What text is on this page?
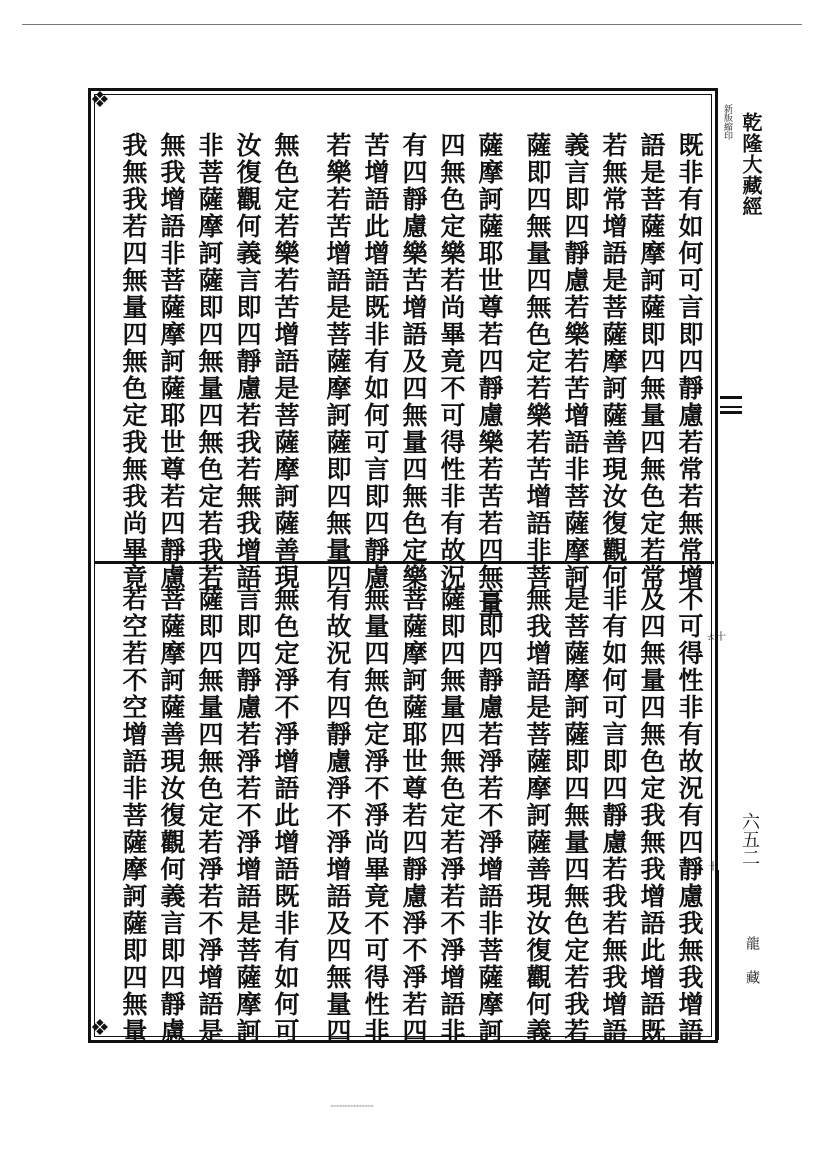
❖
❖
既非有如何可言即四靜慮若常若無常增
語是菩薩摩訶薩即四無量四無色定若常
若無常增語是菩薩摩訶薩善現汝復觀何
義言即四靜慮若樂若苦增語非菩薩摩訶
薩即四無量四無色定若樂若苦增語非菩
薩摩訶薩耶世尊若四靜慮樂若苦若四無量
四無色定樂若尚畢竟不可得性非有故況
有四靜慮樂苦增語及四無量四無色定樂
苦增語此增語既非有如何可言即四靜慮
若樂若苦增語是菩薩摩訶薩即四無量四
無色定若樂若苦增語是菩薩摩訶薩善現
汝復觀何義言即四靜慮若我若無我增語
非菩薩摩訶薩即四無量四無色定若我若
無我增語非菩薩摩訶薩耶世尊若四靜慮
我無我若四無量四無色定我無我尚畢竟
不可得性非有故況有四靜慮我無我增語
及四無量四無色定我無我增語此增語既
非有如何可言即四靜慮若我若無我增語
是菩薩摩訶薩即四無量四無色定若我若
無我增語是菩薩摩訶薩善現汝復觀何義
言即四靜慮若淨若不淨增語非菩薩摩訶
薩即四無量四無色定若淨若不淨增語非
菩薩摩訶薩耶世尊若四靜慮淨不淨若四
無量四無色定淨不淨尚畢竟不可得性非
有故況有四靜慮淨不淨增語及四無量四
無色定淨不淨增語此增語既非有如何可
言即四靜慮若淨若不淨增語是菩薩摩訶
薩即四無量四無色定若淨若不淨增語是
菩薩摩訶薩善現汝復觀何義言即四靜慮
若空若不空增語非菩薩摩訶薩即四無量	ㄊ十
十
新版縮印 乾隆大藏經
六五二
龍藏
····························
